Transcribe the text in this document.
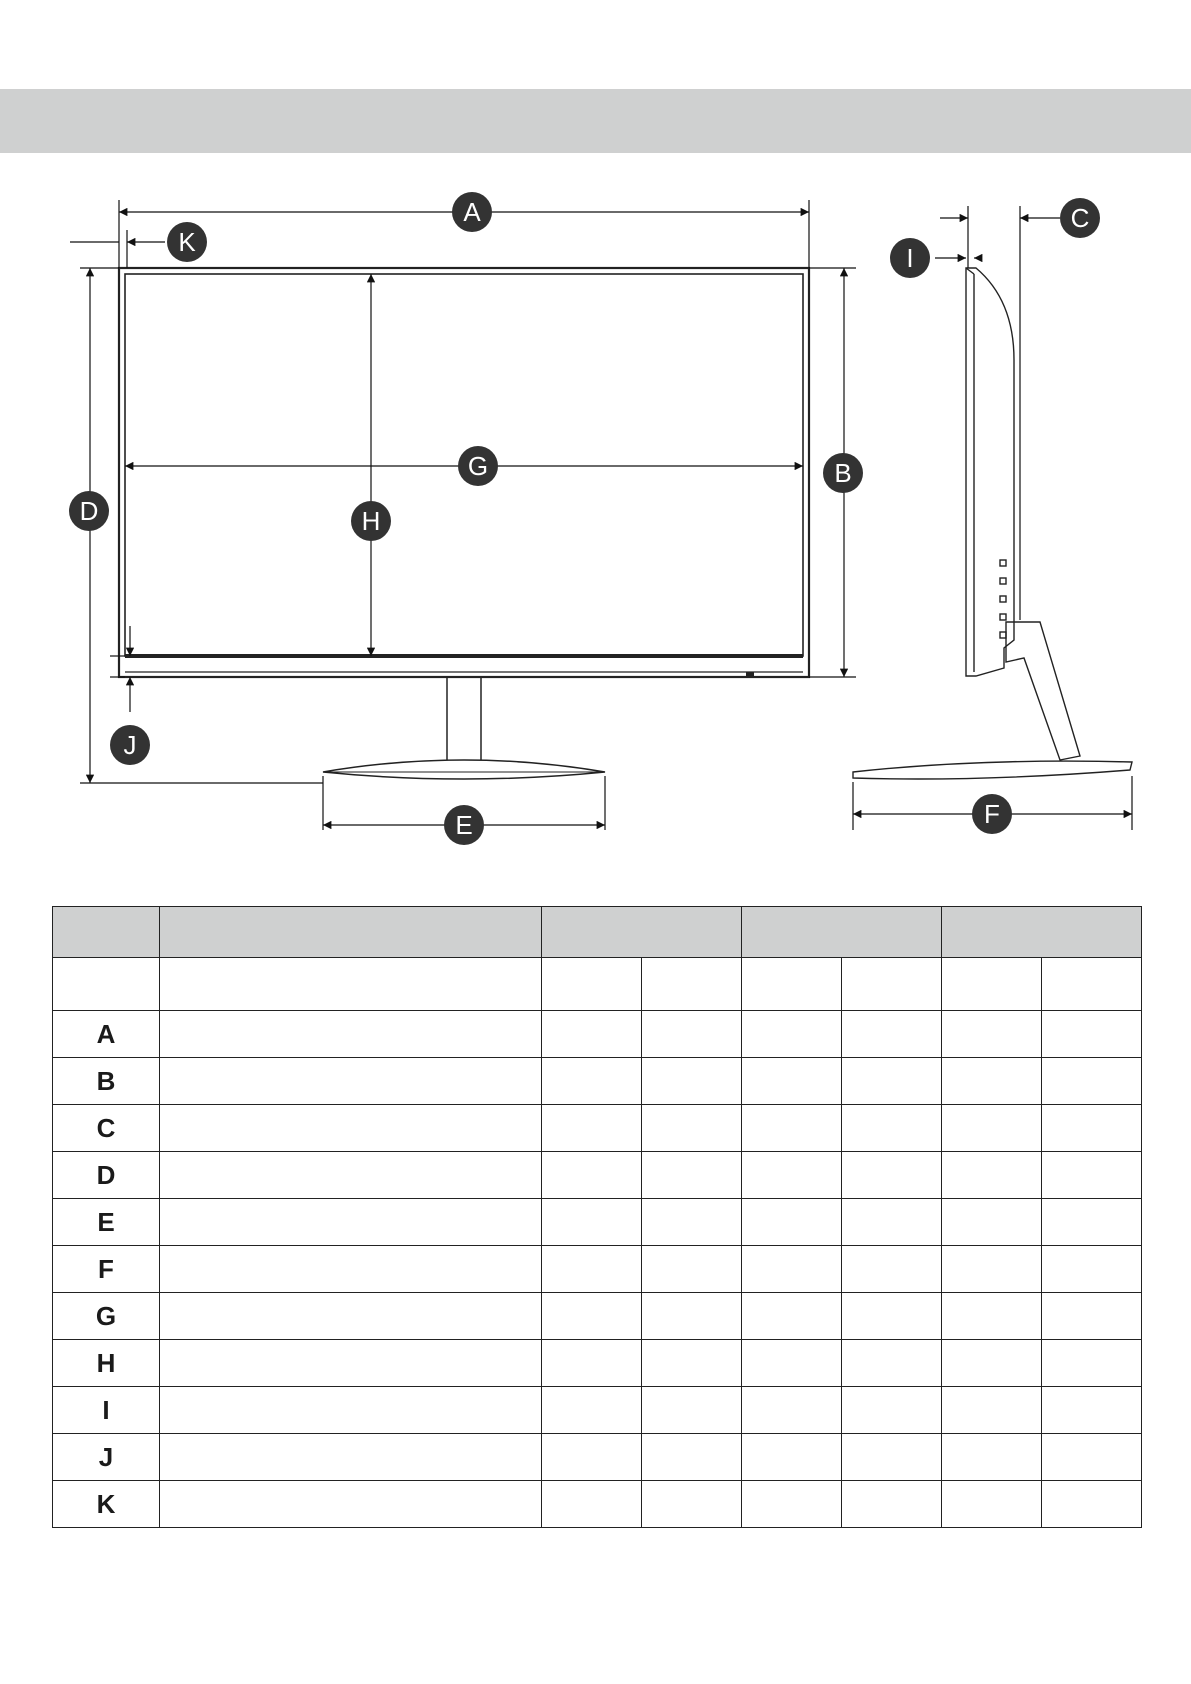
A
K
B
D
G
H
J
E
C
I
F

A							
B							
C							
D							
E							
F							
G							
H							
I							
J							
K							
